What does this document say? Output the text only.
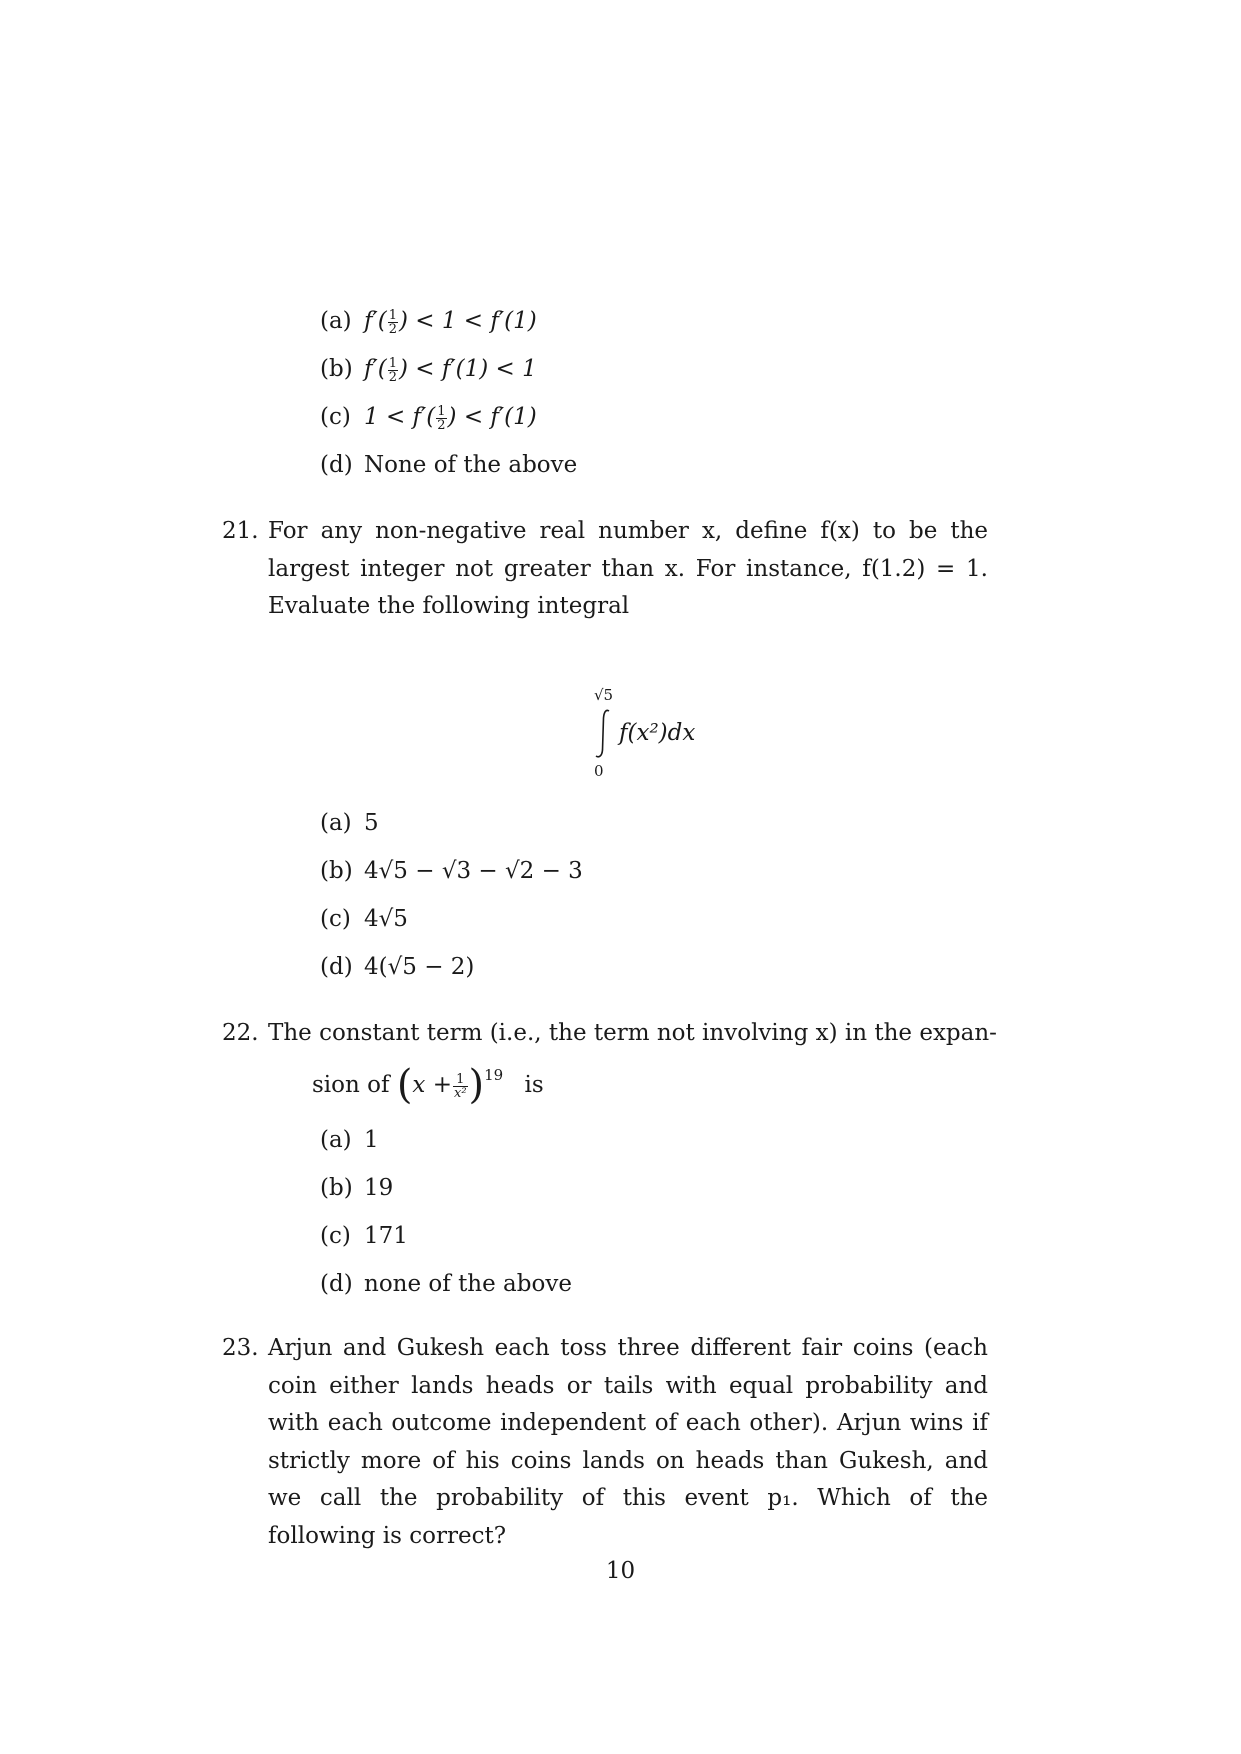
(a) $f'( \frac{1}{2}$ ) < 1 < f′(1)
(b) $f'( \frac{1}{2}$ ) < f′(1) < 1
(c) $1 < f'( \frac{1}{2}$ ) < f′(1)
(d) None of the above
21. For any non-negative real number x, define f(x) to be the largest integer not greater than x. For instance, f(1.2) = 1. Evaluate the following integral
√5
0
f(x²)dx
(a) 5
(b) 4√5 − √3 − √2 − 3
(c) 4√5
(d) 4(√5 − 2)
22. The constant term (i.e., the term not involving x) in the expan-
sion of $(x + \frac{1}{\text{x²}} )^{19}$ is
(a) 1
(b) 19
(c) 171
(d) none of the above
23. Arjun and Gukesh each toss three different fair coins (each coin either lands heads or tails with equal probability and with each outcome independent of each other). Arjun wins if strictly more of his coins lands on heads than Gukesh, and we call the probability of this event p₁. Which of the following is correct?
10
